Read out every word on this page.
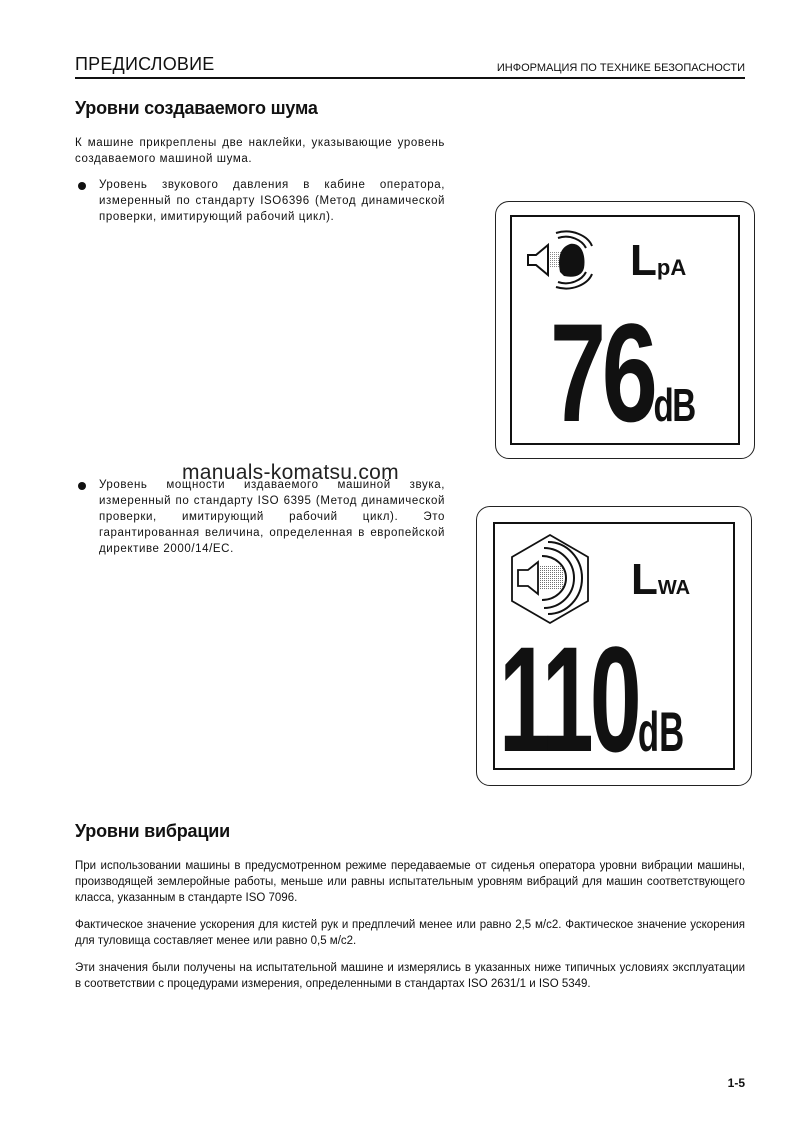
ПРЕДИСЛОВИЕ	ИНФОРМАЦИЯ ПО ТЕХНИКЕ БЕЗОПАСНОСТИ
Уровни создаваемого шума

К машине прикреплены две наклейки, указывающие уровень создаваемого машиной шума.

Уровень звукового давления в кабине оператора, измеренный по стандарту ISO6396 (Метод динамической проверки, имитирующий рабочий цикл).

Уровень мощности издаваемого машиной звука, измеренный по стандарту ISO 6395 (Метод динамической проверки, имитирующий рабочий цикл). Это гарантированная величина, определенная в европейской директиве 2000/14/EC.

manuals-komatsu.com
LpA
76dB
LWA
110dB
Уровни вибрации

При использовании машины в предусмотренном режиме передаваемые от сиденья оператора уровни вибрации машины, производящей землеройные работы, меньше или равны испытательным уровням вибраций для машин соответствующего класса, указанным в стандарте ISO 7096.

Фактическое значение ускорения для кистей рук и предплечий менее или равно 2,5 м/с2. Фактическое значение ускорения для туловища составляет менее или равно 0,5 м/с2.

Эти значения были получены на испытательной машине и измерялись в указанных ниже типичных условиях эксплуатации в соответствии с процедурами измерения, определенными в стандартах ISO 2631/1 и ISO 5349.

1-5
